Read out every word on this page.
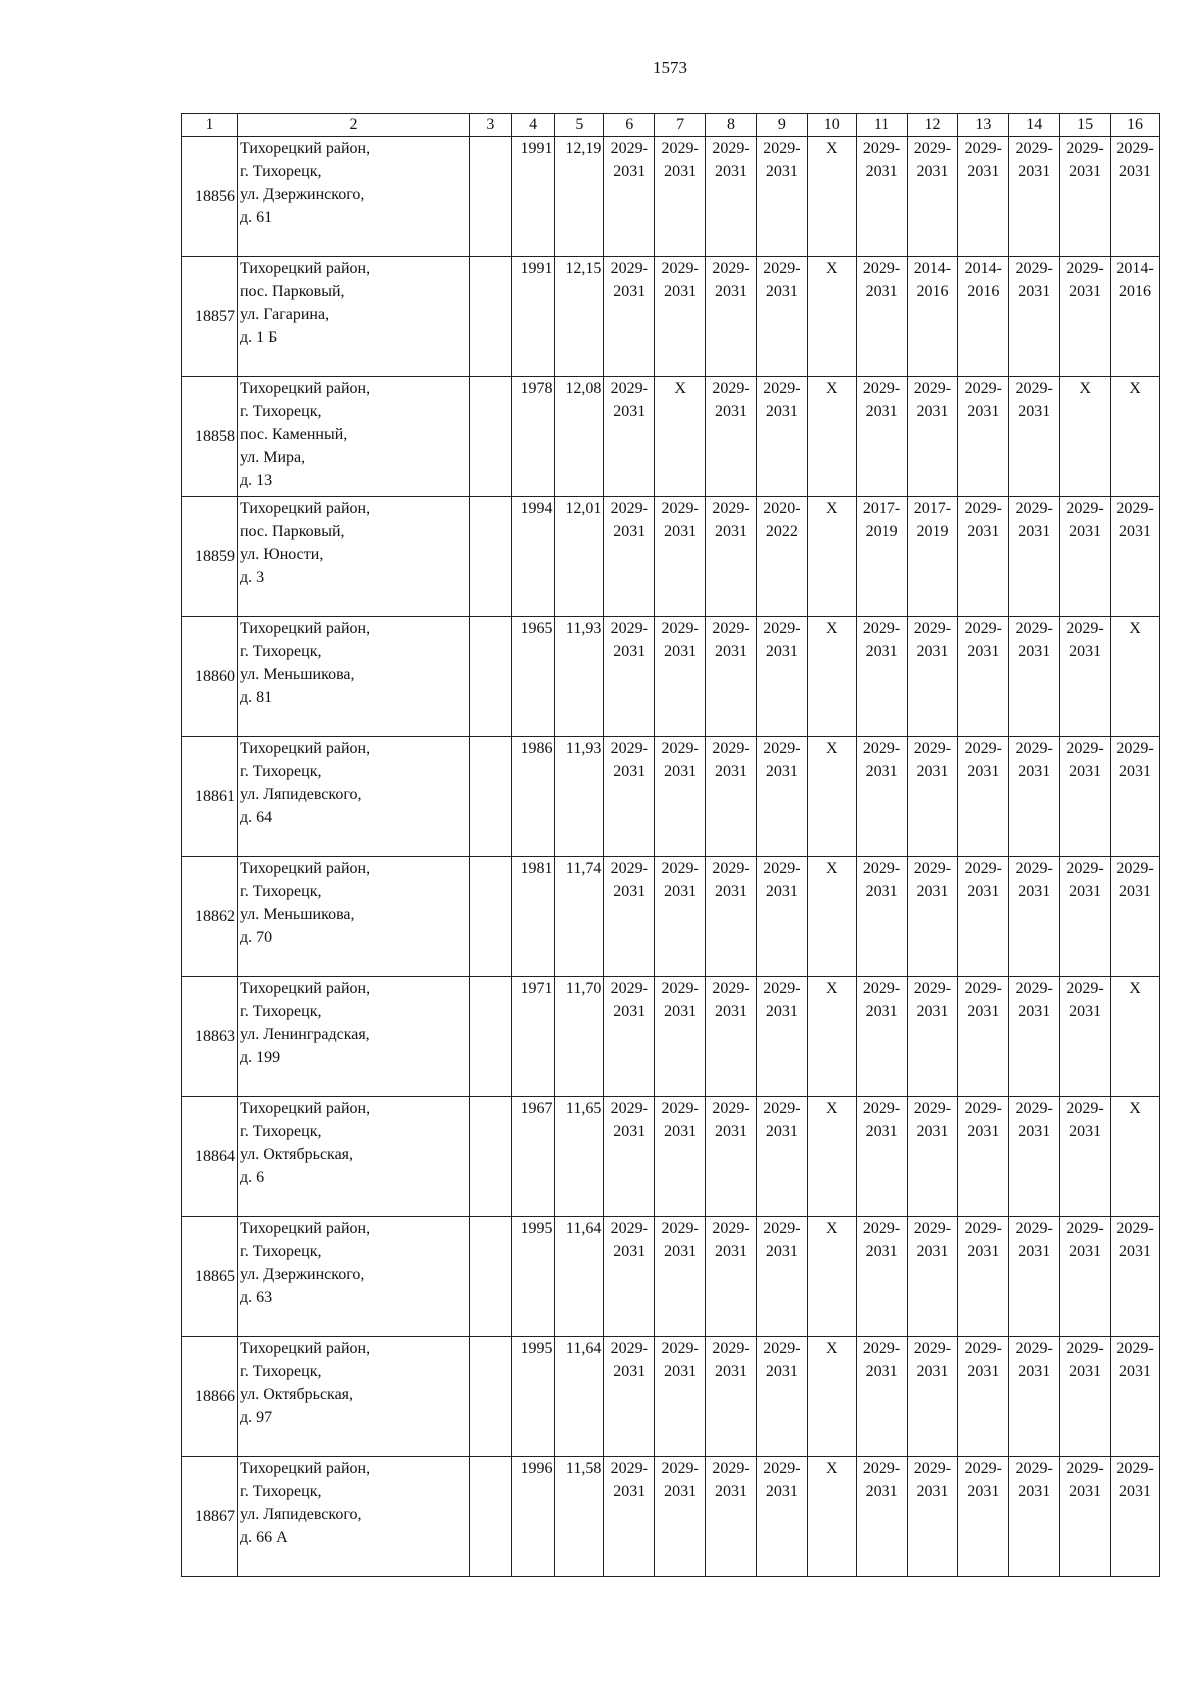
1573
1	2	3	4	5	6	7	8	9	10	11	12	13	14	15	16
18856	Тихорецкий район,
г. Тихорецк,
ул. Дзержинского,
д. 61		1991	12,19	2029-
2031	2029-
2031	2029-
2031	2029-
2031	Х	2029-
2031	2029-
2031	2029-
2031	2029-
2031	2029-
2031	2029-
2031
18857	Тихорецкий район,
пос. Парковый,
ул. Гагарина,
д. 1 Б		1991	12,15	2029-
2031	2029-
2031	2029-
2031	2029-
2031	Х	2029-
2031	2014-
2016	2014-
2016	2029-
2031	2029-
2031	2014-
2016
18858	Тихорецкий район,
г. Тихорецк,
пос. Каменный,
ул. Мира,
д. 13		1978	12,08	2029-
2031	Х	2029-
2031	2029-
2031	Х	2029-
2031	2029-
2031	2029-
2031	2029-
2031	Х	Х
18859	Тихорецкий район,
пос. Парковый,
ул. Юности,
д. 3		1994	12,01	2029-
2031	2029-
2031	2029-
2031	2020-
2022	Х	2017-
2019	2017-
2019	2029-
2031	2029-
2031	2029-
2031	2029-
2031
18860	Тихорецкий район,
г. Тихорецк,
ул. Меньшикова,
д. 81		1965	11,93	2029-
2031	2029-
2031	2029-
2031	2029-
2031	Х	2029-
2031	2029-
2031	2029-
2031	2029-
2031	2029-
2031	Х
18861	Тихорецкий район,
г. Тихорецк,
ул. Ляпидевского,
д. 64		1986	11,93	2029-
2031	2029-
2031	2029-
2031	2029-
2031	Х	2029-
2031	2029-
2031	2029-
2031	2029-
2031	2029-
2031	2029-
2031
18862	Тихорецкий район,
г. Тихорецк,
ул. Меньшикова,
д. 70		1981	11,74	2029-
2031	2029-
2031	2029-
2031	2029-
2031	Х	2029-
2031	2029-
2031	2029-
2031	2029-
2031	2029-
2031	2029-
2031
18863	Тихорецкий район,
г. Тихорецк,
ул. Ленинградская,
д. 199		1971	11,70	2029-
2031	2029-
2031	2029-
2031	2029-
2031	Х	2029-
2031	2029-
2031	2029-
2031	2029-
2031	2029-
2031	Х
18864	Тихорецкий район,
г. Тихорецк,
ул. Октябрьская,
д. 6		1967	11,65	2029-
2031	2029-
2031	2029-
2031	2029-
2031	Х	2029-
2031	2029-
2031	2029-
2031	2029-
2031	2029-
2031	Х
18865	Тихорецкий район,
г. Тихорецк,
ул. Дзержинского,
д. 63		1995	11,64	2029-
2031	2029-
2031	2029-
2031	2029-
2031	Х	2029-
2031	2029-
2031	2029-
2031	2029-
2031	2029-
2031	2029-
2031
18866	Тихорецкий район,
г. Тихорецк,
ул. Октябрьская,
д. 97		1995	11,64	2029-
2031	2029-
2031	2029-
2031	2029-
2031	Х	2029-
2031	2029-
2031	2029-
2031	2029-
2031	2029-
2031	2029-
2031
18867	Тихорецкий район,
г. Тихорецк,
ул. Ляпидевского,
д. 66 А		1996	11,58	2029-
2031	2029-
2031	2029-
2031	2029-
2031	Х	2029-
2031	2029-
2031	2029-
2031	2029-
2031	2029-
2031	2029-
2031
